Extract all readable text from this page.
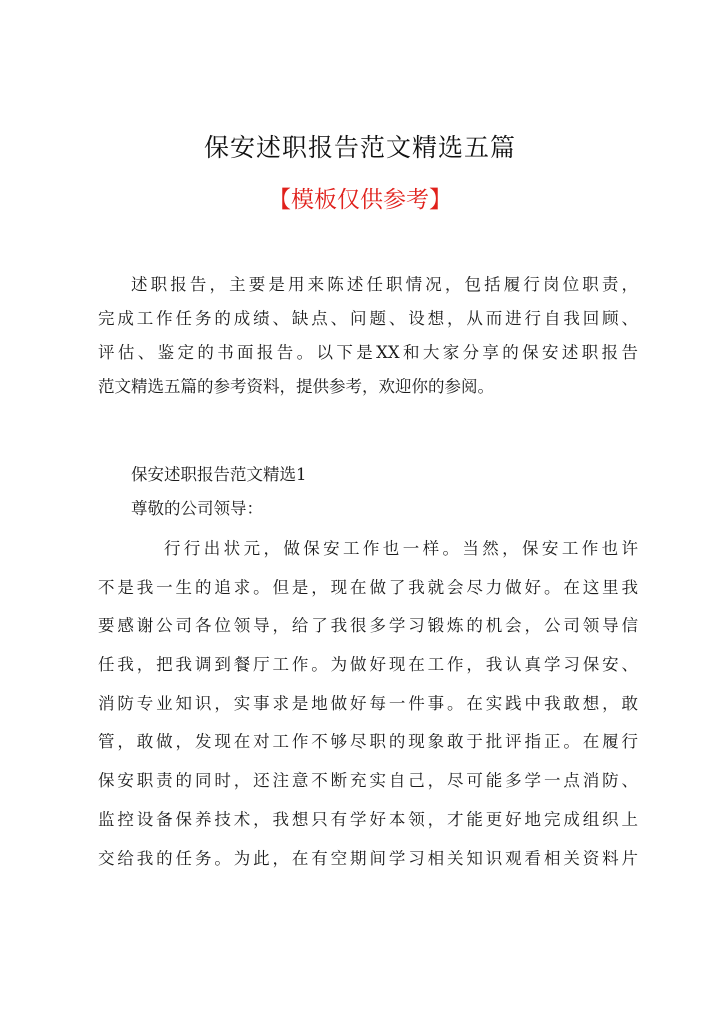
保安述职报告范文精选五篇
【模板仅供参考】
述职报告，主要是用来陈述任职情况，包括履行岗位职责，
完成工作任务的成绩、缺点、问题、设想，从而进行自我回顾、
评估、鉴定的书面报告。以下是XX和大家分享的保安述职报告
范文精选五篇的参考资料，提供参考，欢迎你的参阅。
保安述职报告范文精选1
尊敬的公司领导：
行行出状元，做保安工作也一样。当然，保安工作也许
不是我一生的追求。但是，现在做了我就会尽力做好。在这里我
要感谢公司各位领导，给了我很多学习锻炼的机会，公司领导信
任我，把我调到餐厅工作。为做好现在工作，我认真学习保安、
消防专业知识，实事求是地做好每一件事。在实践中我敢想，敢
管，敢做，发现在对工作不够尽职的现象敢于批评指正。在履行
保安职责的同时，还注意不断充实自己，尽可能多学一点消防、
监控设备保养技术，我想只有学好本领，才能更好地完成组织上
交给我的任务。为此，在有空期间学习相关知识观看相关资料片
